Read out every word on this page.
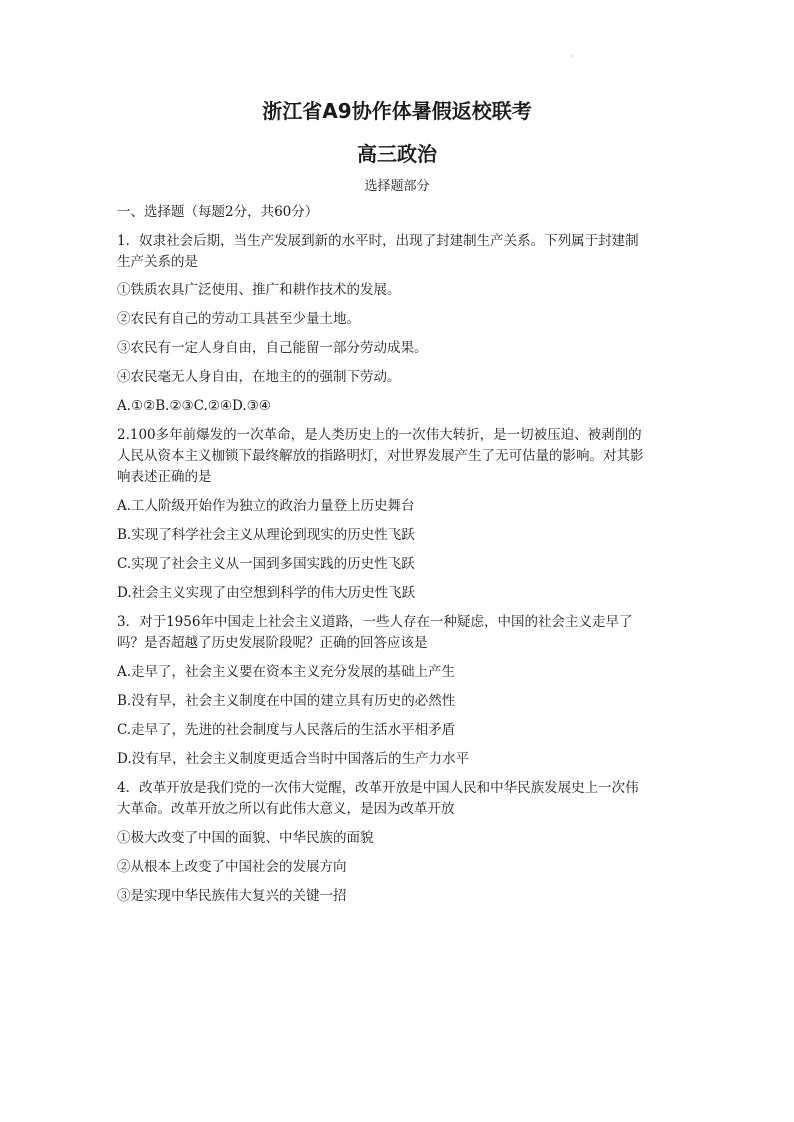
·
浙江省A9协作体暑假返校联考
高三政治
选择题部分
一、选择题（每题2分，共60分）
1．奴隶社会后期，当生产发展到新的水平时，出现了封建制生产关系。下列属于封建制
生产关系的是
①铁质农具广泛使用、推广和耕作技术的发展。
②农民有自己的劳动工具甚至少量土地。
③农民有一定人身自由，自己能留一部分劳动成果。
④农民毫无人身自由，在地主的的强制下劳动。
A.①②B.②③C.②④D.③④
2.100多年前爆发的一次革命，是人类历史上的一次伟大转折，是一切被压迫、被剥削的
人民从资本主义枷锁下最终解放的指路明灯，对世界发展产生了无可估量的影响。对其影
响表述正确的是
A.工人阶级开始作为独立的政治力量登上历史舞台
B.实现了科学社会主义从理论到现实的历史性飞跃
C.实现了社会主义从一国到多国实践的历史性飞跃
D.社会主义实现了由空想到科学的伟大历史性飞跃
3．对于1956年中国走上社会主义道路，一些人存在一种疑虑，中国的社会主义走早了
吗？是否超越了历史发展阶段呢？正确的回答应该是
A.走早了，社会主义要在资本主义充分发展的基础上产生
B.没有早，社会主义制度在中国的建立具有历史的必然性
C.走早了，先进的社会制度与人民落后的生活水平相矛盾
D.没有早，社会主义制度更适合当时中国落后的生产力水平
4．改革开放是我们党的一次伟大觉醒，改革开放是中国人民和中华民族发展史上一次伟
大革命。改革开放之所以有此伟大意义，是因为改革开放
①极大改变了中国的面貌、中华民族的面貌
②从根本上改变了中国社会的发展方向
③是实现中华民族伟大复兴的关键一招
